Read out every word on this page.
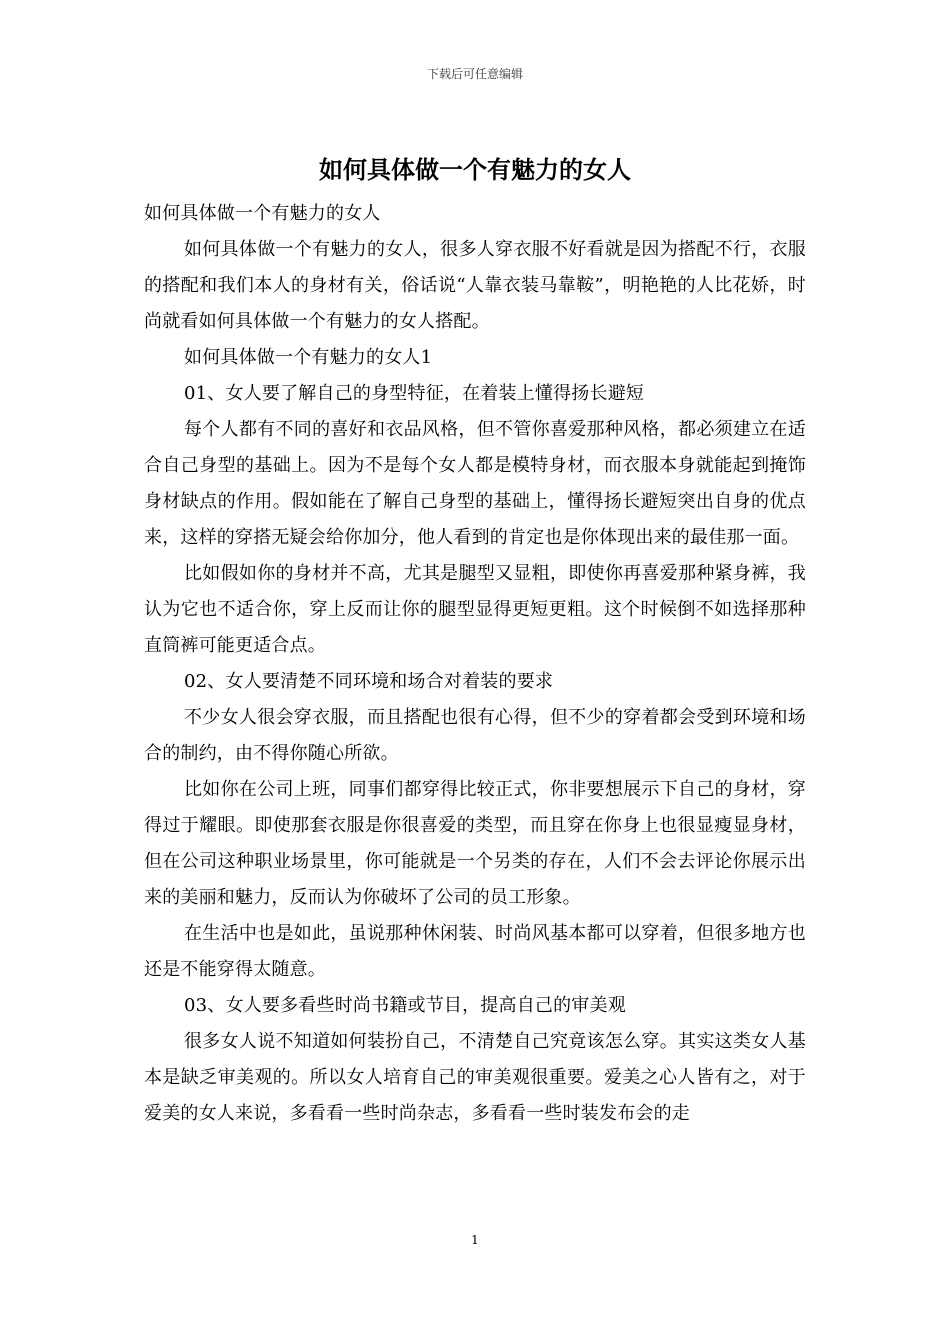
下载后可任意编辑
如何具体做一个有魅力的女人

如何具体做一个有魅力的女人

如何具体做一个有魅力的女人，很多人穿衣服不好看就是因为搭配不行，衣服的搭配和我们本人的身材有关，俗话说“人靠衣装马靠鞍”，明艳艳的人比花娇，时尚就看如何具体做一个有魅力的女人搭配。

如何具体做一个有魅力的女人1

01、女人要了解自己的身型特征，在着装上懂得扬长避短

每个人都有不同的喜好和衣品风格，但不管你喜爱那种风格，都必须建立在适合自己身型的基础上。因为不是每个女人都是模特身材，而衣服本身就能起到掩饰身材缺点的作用。假如能在了解自己身型的基础上，懂得扬长避短突出自身的优点来，这样的穿搭无疑会给你加分，他人看到的肯定也是你体现出来的最佳那一面。

比如假如你的身材并不高，尤其是腿型又显粗，即使你再喜爱那种紧身裤，我认为它也不适合你，穿上反而让你的腿型显得更短更粗。这个时候倒不如选择那种直筒裤可能更适合点。

02、女人要清楚不同环境和场合对着装的要求

不少女人很会穿衣服，而且搭配也很有心得，但不少的穿着都会受到环境和场合的制约，由不得你随心所欲。

比如你在公司上班，同事们都穿得比较正式，你非要想展示下自己的身材，穿得过于耀眼。即使那套衣服是你很喜爱的类型，而且穿在你身上也很显瘦显身材，但在公司这种职业场景里，你可能就是一个另类的存在，人们不会去评论你展示出来的美丽和魅力，反而认为你破坏了公司的员工形象。

在生活中也是如此，虽说那种休闲装、时尚风基本都可以穿着，但很多地方也还是不能穿得太随意。

03、女人要多看些时尚书籍或节目，提高自己的审美观

很多女人说不知道如何装扮自己，不清楚自己究竟该怎么穿。其实这类女人基本是缺乏审美观的。所以女人培育自己的审美观很重要。爱美之心人皆有之，对于爱美的女人来说，多看看一些时尚杂志，多看看一些时装发布会的走

1
